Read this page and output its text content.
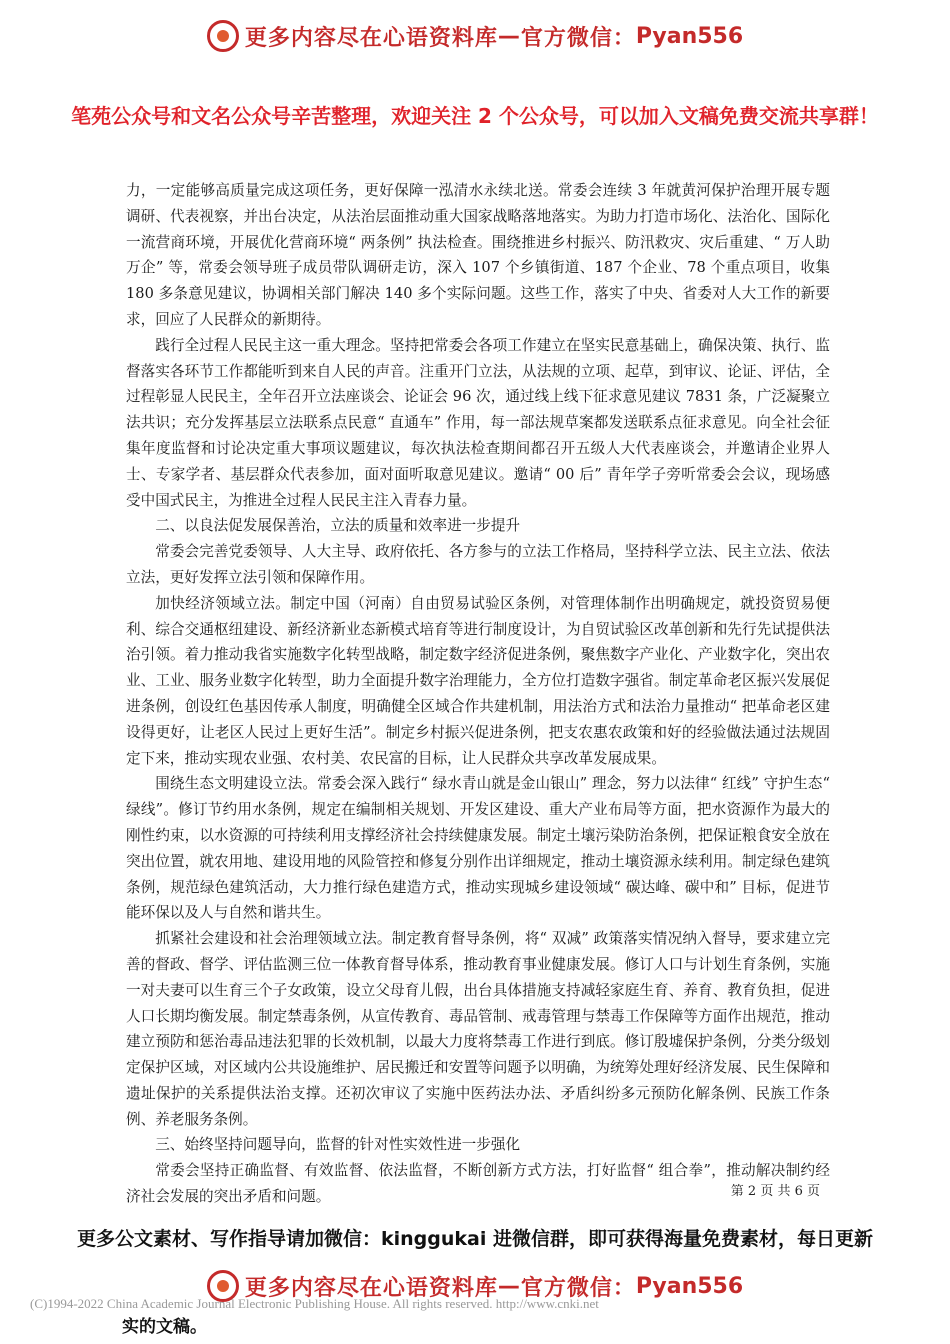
更多内容尽在心语资料库 — 官方微信： Pyan556
笔苑公众号和文名公众号辛苦整理，欢迎关注 2 个公众号，可以加入文稿免费交流共享群！

力，一定能够高质量完成这项任务，更好保障一泓清水永续北送。常委会连续 3 年就黄河保护治理开展专题调研、代表视察，并出台决定，从法治层面推动重大国家战略落地落实。为助力打造市场化、法治化、国际化一流营商环境，开展优化营商环境“ 两条例” 执法检查。围绕推进乡村振兴、防汛救灾、灾后重建、“ 万人助万企” 等，常委会领导班子成员带队调研走访，深入 107 个乡镇街道、187 个企业、78 个重点项目，收集 180 多条意见建议，协调相关部门解决 140 多个实际问题。这些工作，落实了中央、省委对人大工作的新要求，回应了人民群众的新期待。

践行全过程人民民主这一重大理念。坚持把常委会各项工作建立在坚实民意基础上，确保决策、执行、监督落实各环节工作都能听到来自人民的声音。注重开门立法，从法规的立项、起草，到审议、论证、评估，全过程彰显人民民主，全年召开立法座谈会、论证会 96 次，通过线上线下征求意见建议 7831 条，广泛凝聚立法共识；充分发挥基层立法联系点民意“ 直通车” 作用，每一部法规草案都发送联系点征求意见。向全社会征集年度监督和讨论决定重大事项议题建议，每次执法检查期间都召开五级人大代表座谈会，并邀请企业界人士、专家学者、基层群众代表参加，面对面听取意见建议。邀请“ 00 后” 青年学子旁听常委会会议，现场感受中国式民主，为推进全过程人民民主注入青春力量。

二、以良法促发展保善治，立法的质量和效率进一步提升

常委会完善党委领导、人大主导、政府依托、各方参与的立法工作格局，坚持科学立法、民主立法、依法立法，更好发挥立法引领和保障作用。

加快经济领域立法。制定中国（河南）自由贸易试验区条例，对管理体制作出明确规定，就投资贸易便利、综合交通枢纽建设、新经济新业态新模式培育等进行制度设计，为自贸试验区改革创新和先行先试提供法治引领。着力推动我省实施数字化转型战略，制定数字经济促进条例，聚焦数字产业化、产业数字化，突出农业、工业、服务业数字化转型，助力全面提升数字治理能力，全方位打造数字强省。制定革命老区振兴发展促进条例，创设红色基因传承人制度，明确健全区域合作共建机制，用法治方式和法治力量推动“ 把革命老区建设得更好，让老区人民过上更好生活”。制定乡村振兴促进条例，把支农惠农政策和好的经验做法通过法规固定下来，推动实现农业强、农村美、农民富的目标，让人民群众共享改革发展成果。

围绕生态文明建设立法。常委会深入践行“ 绿水青山就是金山银山” 理念，努力以法律“ 红线” 守护生态“ 绿线”。修订节约用水条例，规定在编制相关规划、开发区建设、重大产业布局等方面，把水资源作为最大的刚性约束，以水资源的可持续利用支撑经济社会持续健康发展。制定土壤污染防治条例，把保证粮食安全放在突出位置，就农用地、建设用地的风险管控和修复分别作出详细规定，推动土壤资源永续利用。制定绿色建筑条例，规范绿色建筑活动，大力推行绿色建造方式，推动实现城乡建设领域“ 碳达峰、碳中和” 目标，促进节能环保以及人与自然和谐共生。

抓紧社会建设和社会治理领域立法。制定教育督导条例，将“ 双减” 政策落实情况纳入督导，要求建立完善的督政、督学、评估监测三位一体教育督导体系，推动教育事业健康发展。修订人口与计划生育条例，实施一对夫妻可以生育三个子女政策，设立父母育儿假，出台具体措施支持减轻家庭生育、养育、教育负担，促进人口长期均衡发展。制定禁毒条例，从宣传教育、毒品管制、戒毒管理与禁毒工作保障等方面作出规范，推动建立预防和惩治毒品违法犯罪的长效机制，以最大力度将禁毒工作进行到底。修订殷墟保护条例，分类分级划定保护区域，对区域内公共设施维护、居民搬迁和安置等问题予以明确，为统筹处理好经济发展、民生保障和遗址保护的关系提供法治支撑。还初次审议了实施中医药法办法、矛盾纠纷多元预防化解条例、民族工作条例、养老服务条例。

三、始终坚持问题导向，监督的针对性实效性进一步强化

常委会坚持正确监督、有效监督、依法监督，不断创新方式方法，打好监督“ 组合拳”，推动解决制约经济社会发展的突出矛盾和问题。	第 2 页 共 6 页
更多公文素材、写作指导请加微信：kinggukai 进微信群，即可获得海量免费素材，每日更新
更多内容尽在心语资料库 — 官方微信： Pyan556
(C)1994-2022 China Academic Journal Electronic Publishing House. All rights reserved. http://www.cnki.net
实的文稿。
